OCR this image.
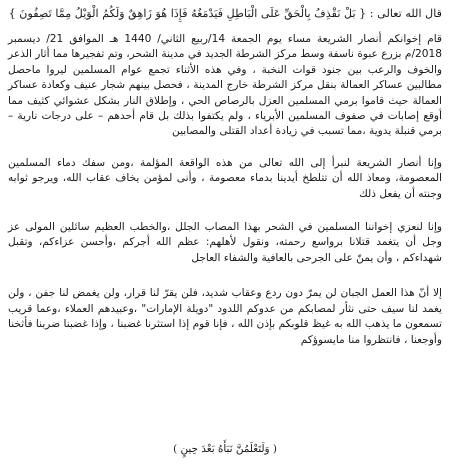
قال الله تعالى : { بَلْ نَقْذِفُ بِالْحَقِّ عَلَى الْبَاطِلِ فَيَدْمَغُهُ فَإِذَا هُوَ زَاهِقٌ وَلَكُمُ الْوَيْلُ مِمَّا تَصِفُونَ }

قام إخوانكم أنصار الشريعة مساء يوم الجمعة 14/ربيع الثاني/ 1440 هـ الموافق 21/ ديسمبر 2018/م بزرع عبوة ناسفة وسط مركز الشرطة الجديد في مدينة الشحر، وتم تفجيرها مما أثار الذعر والخوف والرعب بين جنود قوات النخبة ، وفي هذه الأثناء تجمع عوام المسلمين ليروا ماحصل مطالبين عساكر العمالة بنقل مركز الشرطة خارج المدينة ، فحصل بينهم شجار عنيف وكعادة عساكر العمالة حيث قاموا برمي المسلمين العزل بالرصاص الحي ، وإطلاق النار بشكل عشوائي كثيف مما أوقع إصابات في صفوف المسلمين الأبرياء ، ولم يكتفوا بذلك بل قام أحدهم – على درجات نارية – برمي قنبلة يدوية ،مما تسبب في زيادة أعداد القتلى والمصابين

وإنا أنصار الشريعة لنبرأ إلى الله تعالى من هذه الواقعة المؤلمة ،ومن سفك دماء المسلمين المعصومة، ومعاذ الله أن تتلطخ أيدينا بدماء معصومة ، وأنى لمؤمن يخاف عقاب الله، ويرجو ثوابه وجنته أن يفعل ذلك

وإنا لنعزي إخواننا المسلمين في الشحر بهذا المصاب الجلل ،والخطب العظيم سائلين المولى عز وجل أن يتغمد قتلانا برواسع رحمته، ونقول لأهلهم: عظم الله أجركم ،وأحسن عزاءكم، وتقبل شهداءكم ، وأن يمنّ على الجرحى بالعافية والشفاء العاجل

إلا أنّ هذا العمل الجبان لن يمرّ دون ردع وعقاب شديد، فلن يقرّ لنا قرار، ولن يغمض لنا جفن ، ولن يغمد لنا سيف حتى نثأر لمصابكم من عدوكم اللدود "دويلة الإمارات" ،وعبيدهم العملاء ،وعما قريب تسمعون ما يذهب الله به غيظ قلوبكم بإذن الله ، فإنا قوم إذا استثرنا غضبنا ، وإذا غضبنا ضربنا فأثخنا وأوجعنا ، فانتظروا منا مايسوؤكم

( وَلَتَعْلَمُنَّ نَبَأَهُ بَعْدَ حِينٍ )
